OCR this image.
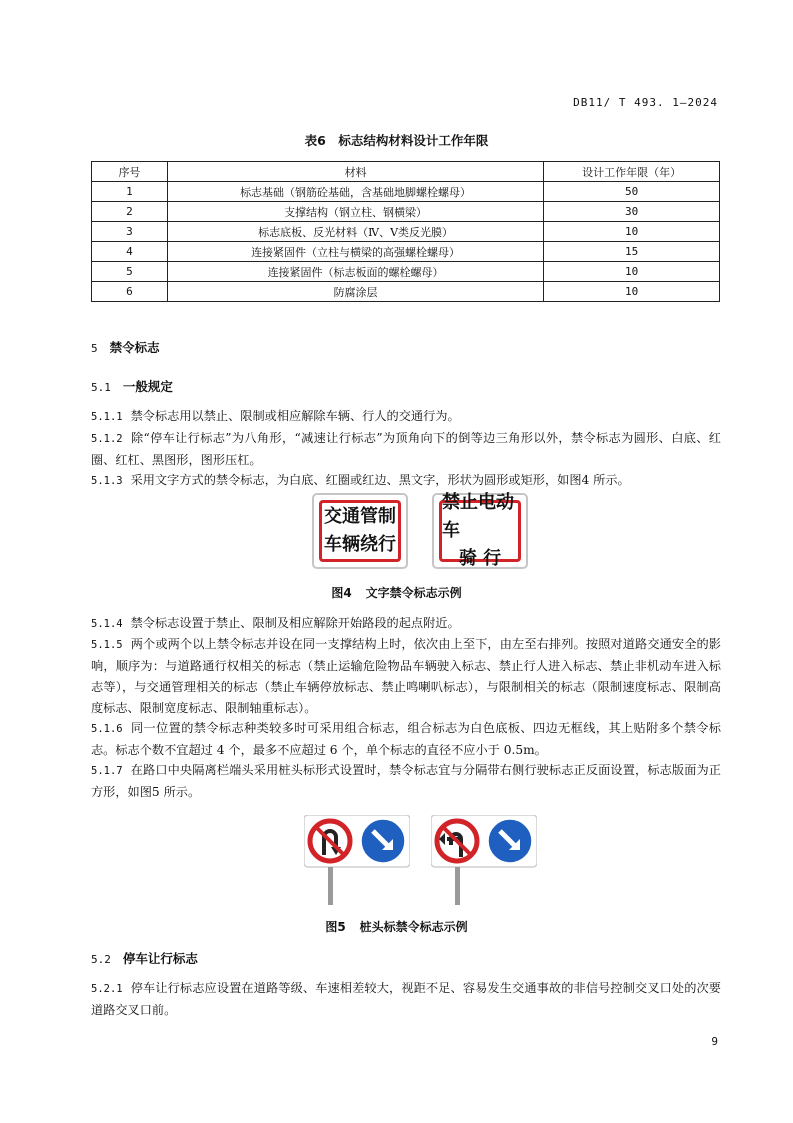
DB11/ T 493. 1—2024
表6　标志结构材料设计工作年限
序号	材料	设计工作年限（年）
1	标志基础（钢筋砼基础，含基础地脚螺栓螺母）	50
2	支撑结构（钢立柱、钢横梁）	30
3	标志底板、反光材料（Ⅳ、Ⅴ类反光膜）	10
4	连接紧固件（立柱与横梁的高强螺栓螺母）	15
5	连接紧固件（标志板面的螺栓螺母）	10
6	防腐涂层	10
5 禁令标志
5.1 一般规定

5.1.1 禁令标志用以禁止、限制或相应解除车辆、行人的交通行为。

5.1.2 除“停车让行标志”为八角形，“减速让行标志”为顶角向下的倒等边三角形以外，禁令标志为圆形、白底、红圈、红杠、黑图形，图形压杠。

5.1.3 采用文字方式的禁令标志，为白底、红圈或红边、黑文字，形状为圆形或矩形，如图4 所示。

交通管制
车辆绕行
禁止电动车
骑 行
图4 文字禁令标志示例

5.1.4 禁令标志设置于禁止、限制及相应解除开始路段的起点附近。

5.1.5 两个或两个以上禁令标志并设在同一支撑结构上时，依次由上至下，由左至右排列。按照对道路交通安全的影响，顺序为：与道路通行权相关的标志（禁止运输危险物品车辆驶入标志、禁止行人进入标志、禁止非机动车进入标志等），与交通管理相关的标志（禁止车辆停放标志、禁止鸣喇叭标志），与限制相关的标志（限制速度标志、限制高度标志、限制宽度标志、限制轴重标志）。

5.1.6 同一位置的禁令标志种类较多时可采用组合标志，组合标志为白色底板、四边无框线，其上贴附多个禁令标志。标志个数不宜超过 4 个，最多不应超过 6 个，单个标志的直径不应小于 0.5m。

5.1.7 在路口中央隔离栏端头采用桩头标形式设置时，禁令标志宜与分隔带右侧行驶标志正反面设置，标志版面为正方形，如图5 所示。

图5 桩头标禁令标志示例
5.2 停车让行标志

5.2.1 停车让行标志应设置在道路等级、车速相差较大，视距不足、容易发生交通事故的非信号控制交叉口处的次要道路交叉口前。

9
